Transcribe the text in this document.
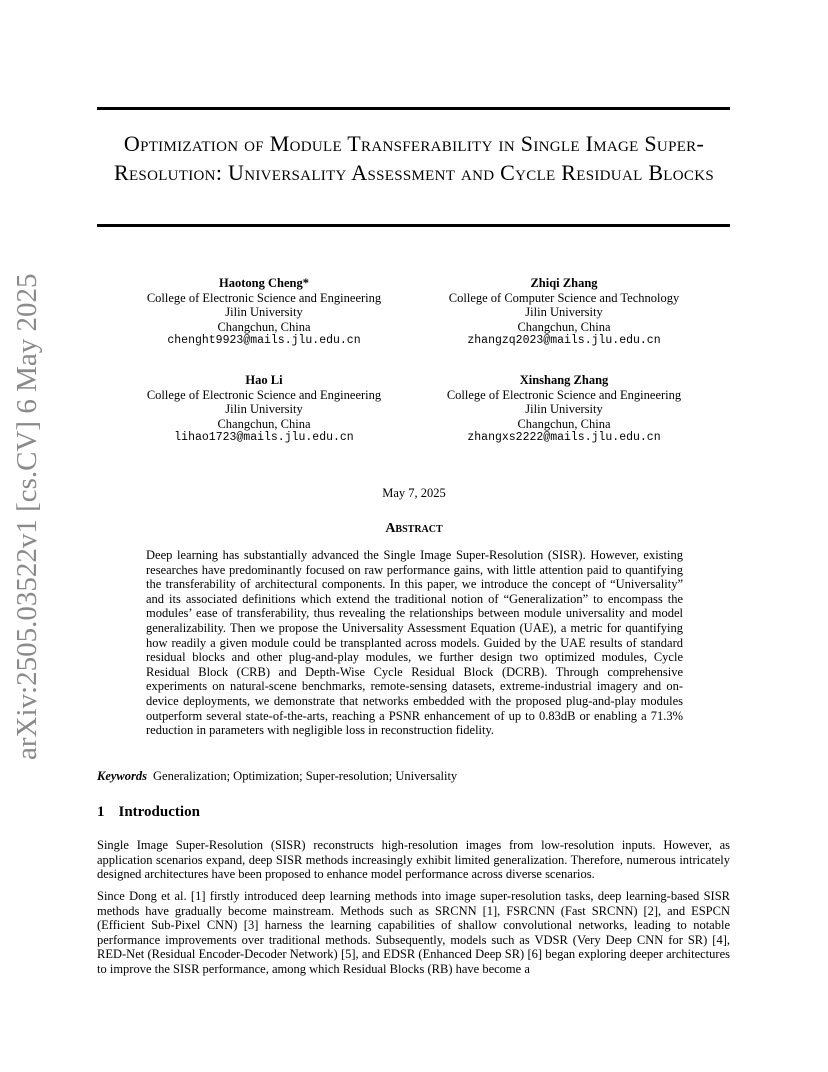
arXiv:2505.03522v1 [cs.CV] 6 May 2025
Optimization of Module Transferability in Single Image Super-Resolution: Universality Assessment and Cycle Residual Blocks
Haotong Cheng*
College of Electronic Science and Engineering
Jilin University
Changchun, China
chenght9923@mails.jlu.edu.cn
Zhiqi Zhang
College of Computer Science and Technology
Jilin University
Changchun, China
zhangzq2023@mails.jlu.edu.cn
Hao Li
College of Electronic Science and Engineering
Jilin University
Changchun, China
lihao1723@mails.jlu.edu.cn
Xinshang Zhang
College of Electronic Science and Engineering
Jilin University
Changchun, China
zhangxs2222@mails.jlu.edu.cn
May 7, 2025
Abstract
Deep learning has substantially advanced the Single Image Super-Resolution (SISR). However, existing researches have predominantly focused on raw performance gains, with little attention paid to quantifying the transferability of architectural components. In this paper, we introduce the concept of “Universality” and its associated definitions which extend the traditional notion of “Generalization” to encompass the modules’ ease of transferability, thus revealing the relationships between module universality and model generalizability. Then we propose the Universality Assessment Equation (UAE), a metric for quantifying how readily a given module could be transplanted across models. Guided by the UAE results of standard residual blocks and other plug-and-play modules, we further design two optimized modules, Cycle Residual Block (CRB) and Depth-Wise Cycle Residual Block (DCRB). Through comprehensive experiments on natural-scene benchmarks, remote-sensing datasets, extreme-industrial imagery and on-device deployments, we demonstrate that networks embedded with the proposed plug-and-play modules outperform several state-of-the-arts, reaching a PSNR enhancement of up to 0.83dB or enabling a 71.3% reduction in parameters with negligible loss in reconstruction fidelity.
Keywords Generalization; Optimization; Super-resolution; Universality
1 Introduction
Single Image Super-Resolution (SISR) reconstructs high-resolution images from low-resolution inputs. However, as application scenarios expand, deep SISR methods increasingly exhibit limited generalization. Therefore, numerous intricately designed architectures have been proposed to enhance model performance across diverse scenarios.
Since Dong et al. [1] firstly introduced deep learning methods into image super-resolution tasks, deep learning-based SISR methods have gradually become mainstream. Methods such as SRCNN [1], FSRCNN (Fast SRCNN) [2], and ESPCN (Efficient Sub-Pixel CNN) [3] harness the learning capabilities of shallow convolutional networks, leading to notable performance improvements over traditional methods. Subsequently, models such as VDSR (Very Deep CNN for SR) [4], RED-Net (Residual Encoder-Decoder Network) [5], and EDSR (Enhanced Deep SR) [6] began exploring deeper architectures to improve the SISR performance, among which Residual Blocks (RB) have become a
